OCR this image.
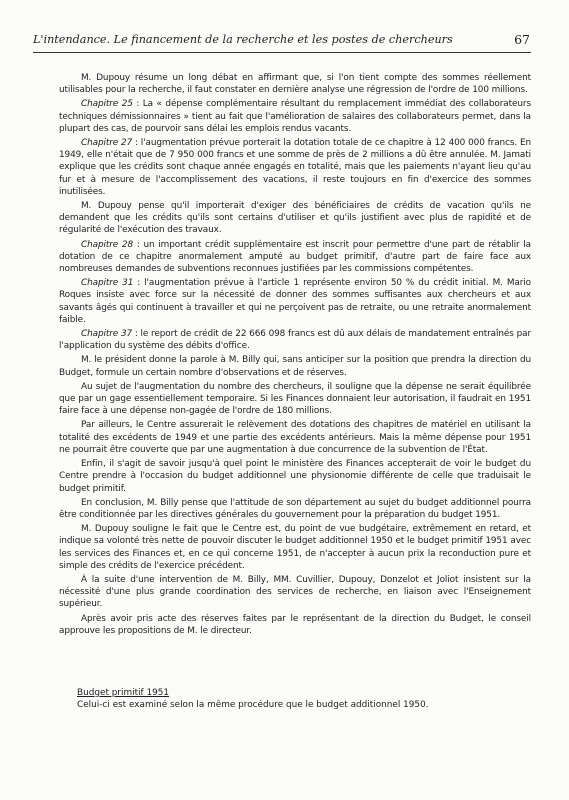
L'intendance. Le financement de la recherche et les postes de chercheurs	67

M. Dupouy résume un long débat en affirmant que, si l'on tient compte des sommes réellement utilisables pour la recherche, il faut constater en dernière analyse une régression de l'ordre de 100 millions.

Chapitre 25 : La « dépense complémentaire résultant du remplacement immédiat des collaborateurs techniques démissionnaires » tient au fait que l'amélioration de salaires des collaborateurs permet, dans la plupart des cas, de pourvoir sans délai les emplois rendus vacants.

Chapitre 27 : l'augmentation prévue porterait la dotation totale de ce chapitre à 12 400 000 francs. En 1949, elle n'était que de 7 950 000 francs et une somme de près de 2 millions a dû être annulée. M. Jamati explique que les crédits sont chaque année engagés en totalité, mais que les paiements n'ayant lieu qu'au fur et à mesure de l'accomplissement des vacations, il reste toujours en fin d'exercice des sommes inutilisées.

M. Dupouy pense qu'il importerait d'exiger des bénéficiaires de crédits de vacation qu'ils ne demandent que les crédits qu'ils sont certains d'utiliser et qu'ils justifient avec plus de rapidité et de régularité de l'exécution des travaux.

Chapitre 28 : un important crédit supplémentaire est inscrit pour permettre d'une part de rétablir la dotation de ce chapitre anormalement amputé au budget primitif, d'autre part de faire face aux nombreuses demandes de subventions reconnues justifiées par les commissions compétentes.

Chapitre 31 : l'augmentation prévue à l'article 1 représente environ 50 % du crédit initial. M. Mario Roques insiste avec force sur la nécessité de donner des sommes suffisantes aux chercheurs et aux savants âgés qui continuent à travailler et qui ne perçoivent pas de retraite, ou une retraite anormalement faible.

Chapitre 37 : le report de crédit de 22 666 098 francs est dû aux délais de mandatement entraînés par l'application du système des débits d'office.

M. le président donne la parole à M. Billy qui, sans anticiper sur la position que prendra la direction du Budget, formule un certain nombre d'observations et de réserves.

Au sujet de l'augmentation du nombre des chercheurs, il souligne que la dépense ne serait équilibrée que par un gage essentiellement temporaire. Si les Finances donnaient leur autorisation, il faudrait en 1951 faire face à une dépense non-gagée de l'ordre de 180 millions.

Par ailleurs, le Centre assurerait le relèvement des dotations des chapitres de matériel en utilisant la totalité des excédents de 1949 et une partie des excédents antérieurs. Mais la même dépense pour 1951 ne pourrait être couverte que par une augmentation à due concurrence de la subvention de l'État.

Enfin, il s'agit de savoir jusqu'à quel point le ministère des Finances accepterait de voir le budget du Centre prendre à l'occasion du budget additionnel une physionomie différente de celle que traduisait le budget primitif.

En conclusion, M. Billy pense que l'attitude de son département au sujet du budget additionnel pourra être conditionnée par les directives générales du gouvernement pour la préparation du budget 1951.

M. Dupouy souligne le fait que le Centre est, du point de vue budgétaire, extrêmement en retard, et indique sa volonté très nette de pouvoir discuter le budget additionnel 1950 et le budget primitif 1951 avec les services des Finances et, en ce qui concerne 1951, de n'accepter à aucun prix la reconduction pure et simple des crédits de l'exercice précédent.

À la suite d'une intervention de M. Billy, MM. Cuvillier, Dupouy, Donzelot et Joliot insistent sur la nécessité d'une plus grande coordination des services de recherche, en liaison avec l'Enseignement supérieur.

Après avoir pris acte des réserves faites par le représentant de la direction du Budget, le conseil approuve les propositions de M. le directeur.

Budget primitif 1951
Celui-ci est examiné selon la même procédure que le budget additionnel 1950.
